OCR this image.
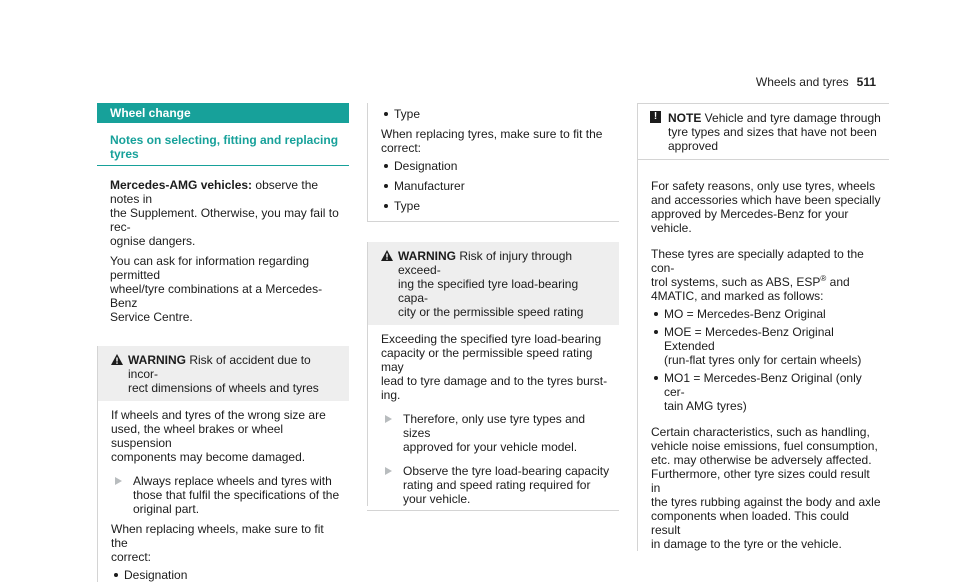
Wheels and tyres 511
Wheel change
Notes on selecting, fitting and replacing
tyres

Mercedes-AMG vehicles: observe the notes in
the Supplement. Otherwise, you may fail to rec-
ognise dangers.

You can ask for information regarding permitted
wheel/tyre combinations at a Mercedes-Benz
Service Centre.

WARNING Risk of accident due to incor-
rect dimensions of wheels and tyres

If wheels and tyres of the wrong size are
used, the wheel brakes or wheel suspension
components may become damaged.

Always replace wheels and tyres with
those that fulfil the specifications of the
original part.

When replacing wheels, make sure to fit the
correct:

Designation
Type

When replacing tyres, make sure to fit the
correct:

Designation
Manufacturer
Type
WARNING Risk of injury through exceed-
ing the specified tyre load-bearing capa-
city or the permissible speed rating

Exceeding the specified tyre load-bearing
capacity or the permissible speed rating may
lead to tyre damage and to the tyres burst-
ing.

Therefore, only use tyre types and sizes
approved for your vehicle model.
Observe the tyre load-bearing capacity
rating and speed rating required for
your vehicle.
! NOTE Vehicle and tyre damage through
tyre types and sizes that have not been
approved

For safety reasons, only use tyres, wheels
and accessories which have been specially
approved by Mercedes-Benz for your vehicle.

These tyres are specially adapted to the con-
trol systems, such as ABS, ESP® and
4MATIC, and marked as follows:

MO = Mercedes-Benz Original
MOE = Mercedes-Benz Original Extended
(run-flat tyres only for certain wheels)
MO1 = Mercedes-Benz Original (only cer-
tain AMG tyres)

Certain characteristics, such as handling,
vehicle noise emissions, fuel consumption,
etc. may otherwise be adversely affected.
Furthermore, other tyre sizes could result in
the tyres rubbing against the body and axle
components when loaded. This could result
in damage to the tyre or the vehicle.
